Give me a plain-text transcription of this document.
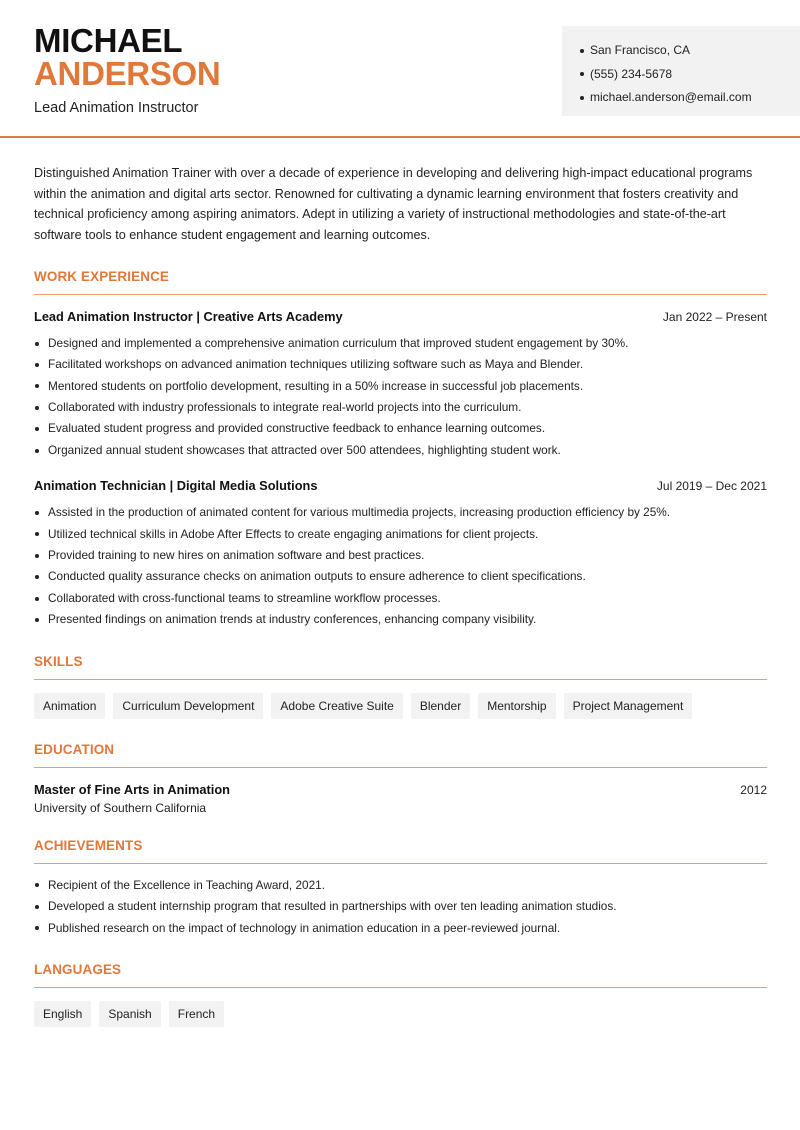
MICHAEL
ANDERSON
Lead Animation Instructor
San Francisco, CA
(555) 234-5678
michael.anderson@email.com

Distinguished Animation Trainer with over a decade of experience in developing and delivering high-impact educational programs within the animation and digital arts sector. Renowned for cultivating a dynamic learning environment that fosters creativity and technical proficiency among aspiring animators. Adept in utilizing a variety of instructional methodologies and state-of-the-art software tools to enhance student engagement and learning outcomes.

WORK EXPERIENCE
Lead Animation Instructor | Creative Arts Academy	Jan 2022 – Present
Designed and implemented a comprehensive animation curriculum that improved student engagement by 30%.
Facilitated workshops on advanced animation techniques utilizing software such as Maya and Blender.
Mentored students on portfolio development, resulting in a 50% increase in successful job placements.
Collaborated with industry professionals to integrate real-world projects into the curriculum.
Evaluated student progress and provided constructive feedback to enhance learning outcomes.
Organized annual student showcases that attracted over 500 attendees, highlighting student work.
Animation Technician | Digital Media Solutions	Jul 2019 – Dec 2021
Assisted in the production of animated content for various multimedia projects, increasing production efficiency by 25%.
Utilized technical skills in Adobe After Effects to create engaging animations for client projects.
Provided training to new hires on animation software and best practices.
Conducted quality assurance checks on animation outputs to ensure adherence to client specifications.
Collaborated with cross-functional teams to streamline workflow processes.
Presented findings on animation trends at industry conferences, enhancing company visibility.
SKILLS
Animation	Curriculum Development	Adobe Creative Suite	Blender	Mentorship	Project Management
EDUCATION
Master of Fine Arts in Animation	2012
University of Southern California
ACHIEVEMENTS
Recipient of the Excellence in Teaching Award, 2021.
Developed a student internship program that resulted in partnerships with over ten leading animation studios.
Published research on the impact of technology in animation education in a peer-reviewed journal.
LANGUAGES
English	Spanish	French
